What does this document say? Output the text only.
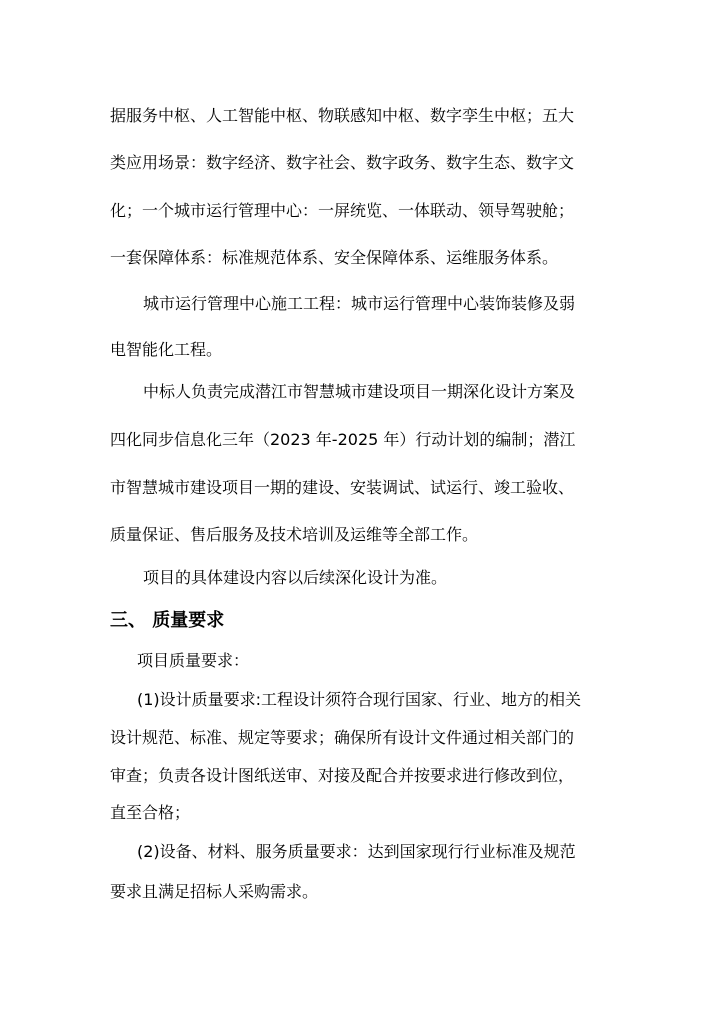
据服务中枢、人工智能中枢、物联感知中枢、数字孪生中枢；五大
类应用场景：数字经济、数字社会、数字政务、数字生态、数字文
化；一个城市运行管理中心：一屏统览、一体联动、领导驾驶舱；
一套保障体系：标准规范体系、安全保障体系、运维服务体系。
城市运行管理中心施工工程：城市运行管理中心装饰装修及弱
电智能化工程。
中标人负责完成潜江市智慧城市建设项目一期深化设计方案及
四化同步信息化三年（2023 年-2025 年）行动计划的编制；潜江
市智慧城市建设项目一期的建设、安装调试、试运行、竣工验收、
质量保证、售后服务及技术培训及运维等全部工作。
项目的具体建设内容以后续深化设计为准。
三、 质量要求
项目质量要求：
(1)设计质量要求:工程设计须符合现行国家、行业、地方的相关
设计规范、标准、规定等要求；确保所有设计文件通过相关部门的
审查；负责各设计图纸送审、对接及配合并按要求进行修改到位，
直至合格；
(2)设备、材料、服务质量要求：达到国家现行行业标准及规范
要求且满足招标人采购需求。
